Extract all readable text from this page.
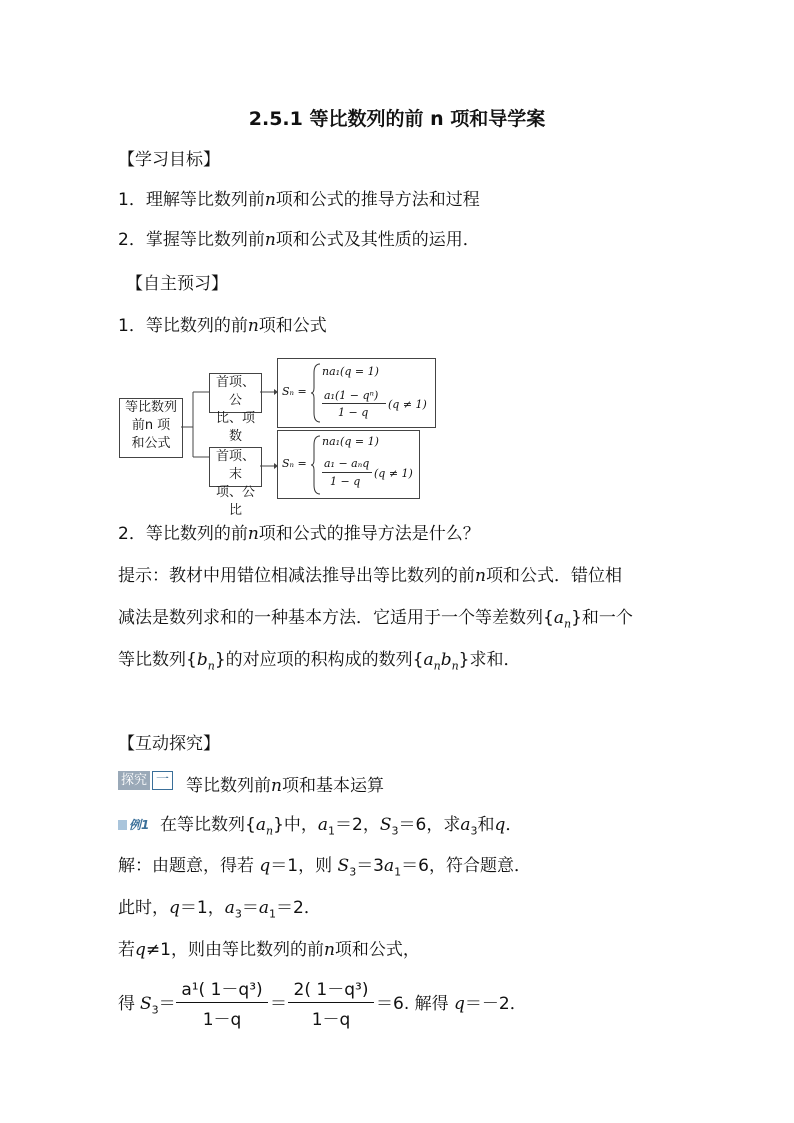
2.5.1 等比数列的前 n 项和导学案
【学习目标】
1．理解等比数列前n项和公式的推导方法和过程
2．掌握等比数列前n项和公式及其性质的运用．
【自主预习】
1．等比数列的前n项和公式
等比数列
前n 项
和公式
首项、公
比、项数
首项、末
项、公比
Sₙ =
na₁(q = 1)
a₁(1 − qⁿ)
1 − q
(q ≠ 1)
Sₙ =
na₁(q = 1)
a₁ − aₙq
1 − q
(q ≠ 1)
2．等比数列的前n项和公式的推导方法是什么？
提示：教材中用错位相减法推导出等比数列的前n项和公式．错位相
减法是数列求和的一种基本方法．它适用于一个等差数列$\{a_n\}$和一个
等比数列$\{b_n\}$的对应项的积构成的数列$\{a_nb_n\}$求和．
【互动探究】
探究 一 等比数列前n项和基本运算
例1 在等比数列$\{a_n\}$中，$a_1=2$，$S_3=6$，求$a_3$和q．
解：由题意，得若 q＝1，则 $S_3=3a_1=6$，符合题意．
此时，q＝1，$a_3=a_1=2$．
若q≠1，则由等比数列的前n项和公式，
得 $S_3=$
a¹( 1－q³)
1－q
＝
2( 1－q³)
1－q
＝6. 解得 q＝－2．
